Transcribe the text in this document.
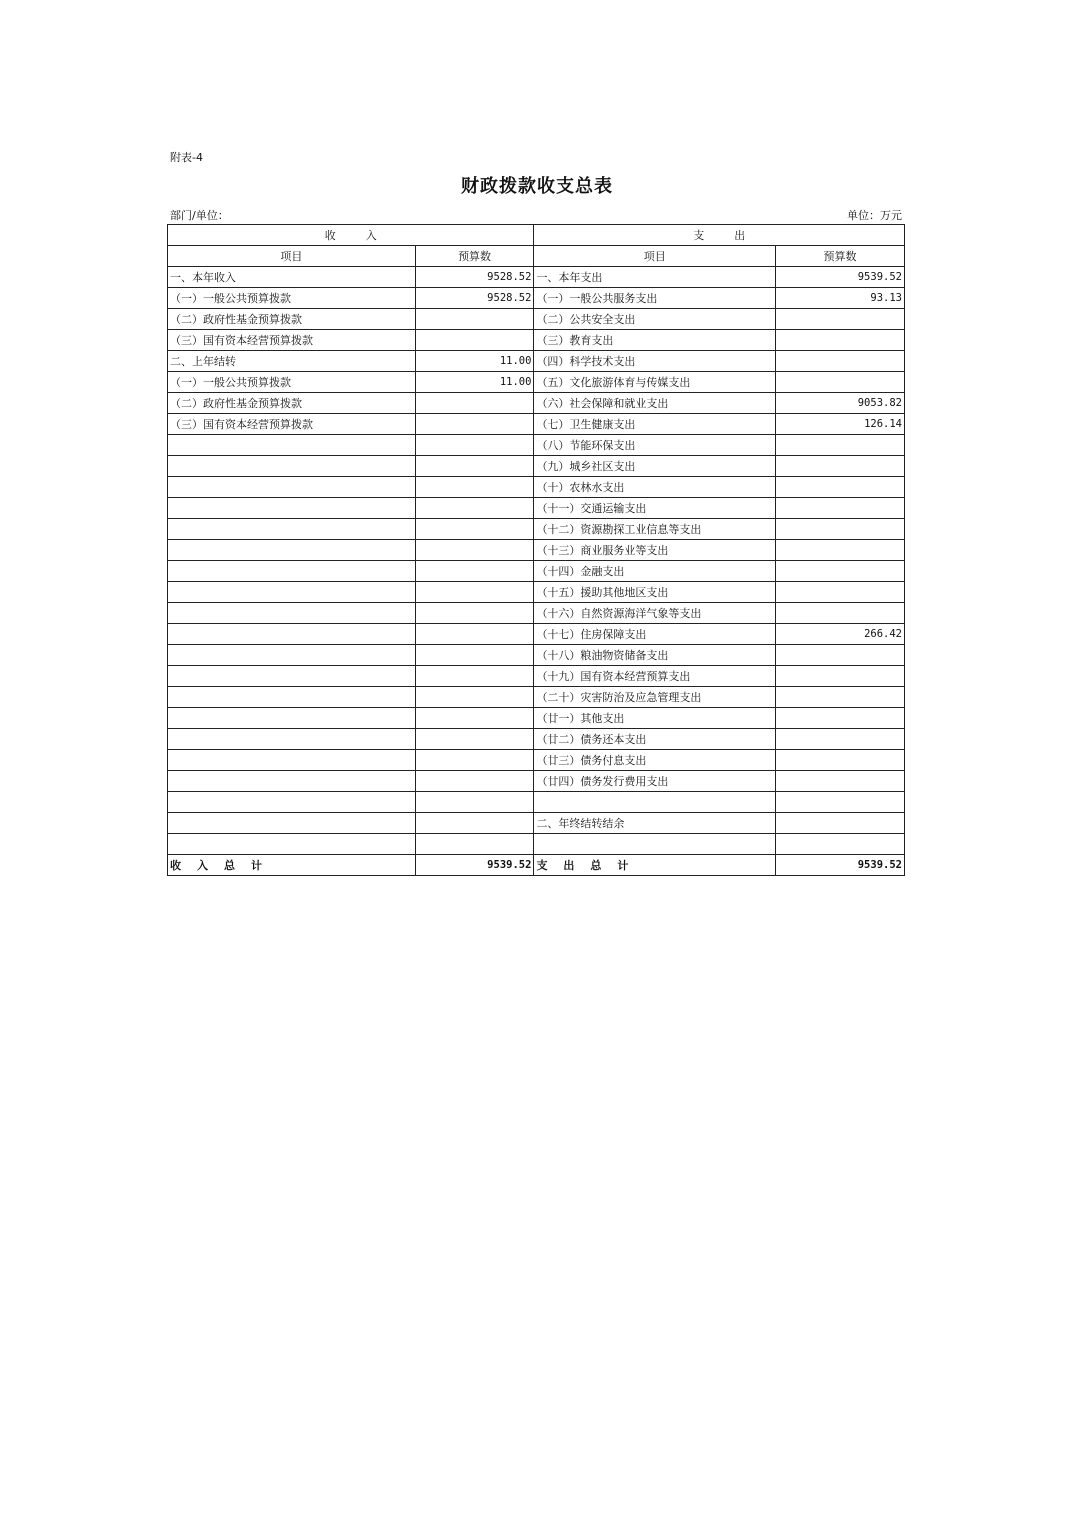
附表-4
财政拨款收支总表
部门/单位：	单位：万元
收入		支出	
项目	预算数	项目	预算数
一、本年收入	9528.52	一、本年支出	9539.52
（一）一般公共预算拨款	9528.52	（一）一般公共服务支出	93.13
（二）政府性基金预算拨款		（二）公共安全支出	
（三）国有资本经营预算拨款		（三）教育支出	
二、上年结转	11.00	（四）科学技术支出	
（一）一般公共预算拨款	11.00	（五）文化旅游体育与传媒支出	
（二）政府性基金预算拨款		（六）社会保障和就业支出	9053.82
（三）国有资本经营预算拨款		（七）卫生健康支出	126.14
		（八）节能环保支出	
		（九）城乡社区支出	
		（十）农林水支出	
		（十一）交通运输支出	
		（十二）资源勘探工业信息等支出	
		（十三）商业服务业等支出	
		（十四）金融支出	
		（十五）援助其他地区支出	
		（十六）自然资源海洋气象等支出	
		（十七）住房保障支出	266.42
		（十八）粮油物资储备支出	
		（十九）国有资本经营预算支出	
		（二十）灾害防治及应急管理支出	
		（廿一）其他支出	
		（廿二）债务还本支出	
		（廿三）债务付息支出	
		（廿四）债务发行费用支出	

		二、年终结转结余	

收入总计	9539.52	支出总计	9539.52
